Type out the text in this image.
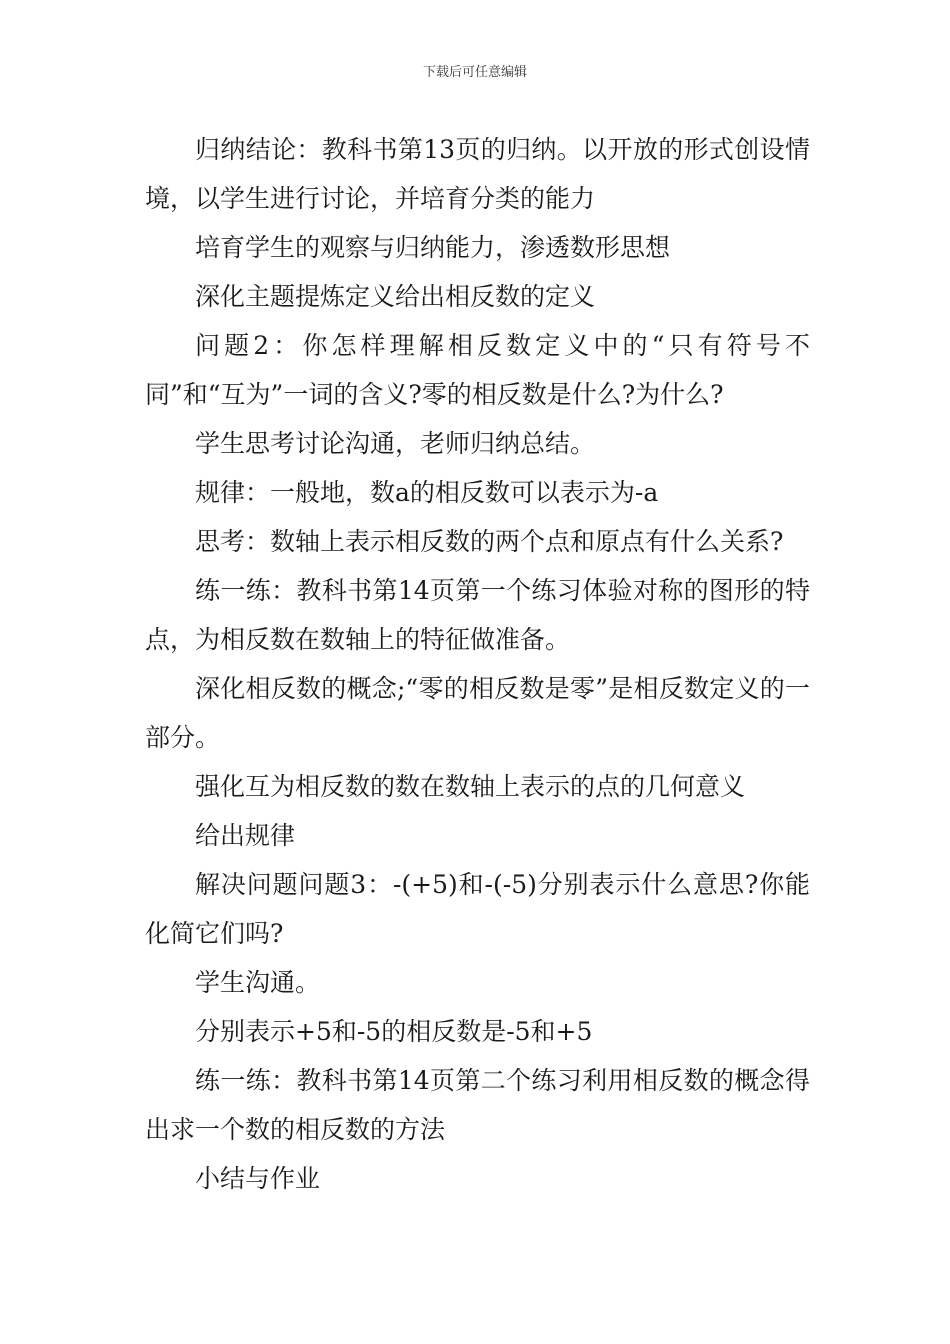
下载后可任意编辑

归纳结论：教科书第13页的归纳。以开放的形式创设情境，以学生进行讨论，并培育分类的能力

培育学生的观察与归纳能力，渗透数形思想

深化主题提炼定义给出相反数的定义

问题2：你怎样理解相反数定义中的“只有符号不同”和“互为”一词的含义?零的相反数是什么?为什么?

学生思考讨论沟通，老师归纳总结。

规律：一般地，数a的相反数可以表示为-a

思考：数轴上表示相反数的两个点和原点有什么关系?

练一练：教科书第14页第一个练习体验对称的图形的特点，为相反数在数轴上的特征做准备。

深化相反数的概念;“零的相反数是零”是相反数定义的一部分。

强化互为相反数的数在数轴上表示的点的几何意义

给出规律

解决问题问题3：-(+5)和-(-5)分别表示什么意思?你能化简它们吗?

学生沟通。

分别表示+5和-5的相反数是-5和+5

练一练：教科书第14页第二个练习利用相反数的概念得出求一个数的相反数的方法

小结与作业
